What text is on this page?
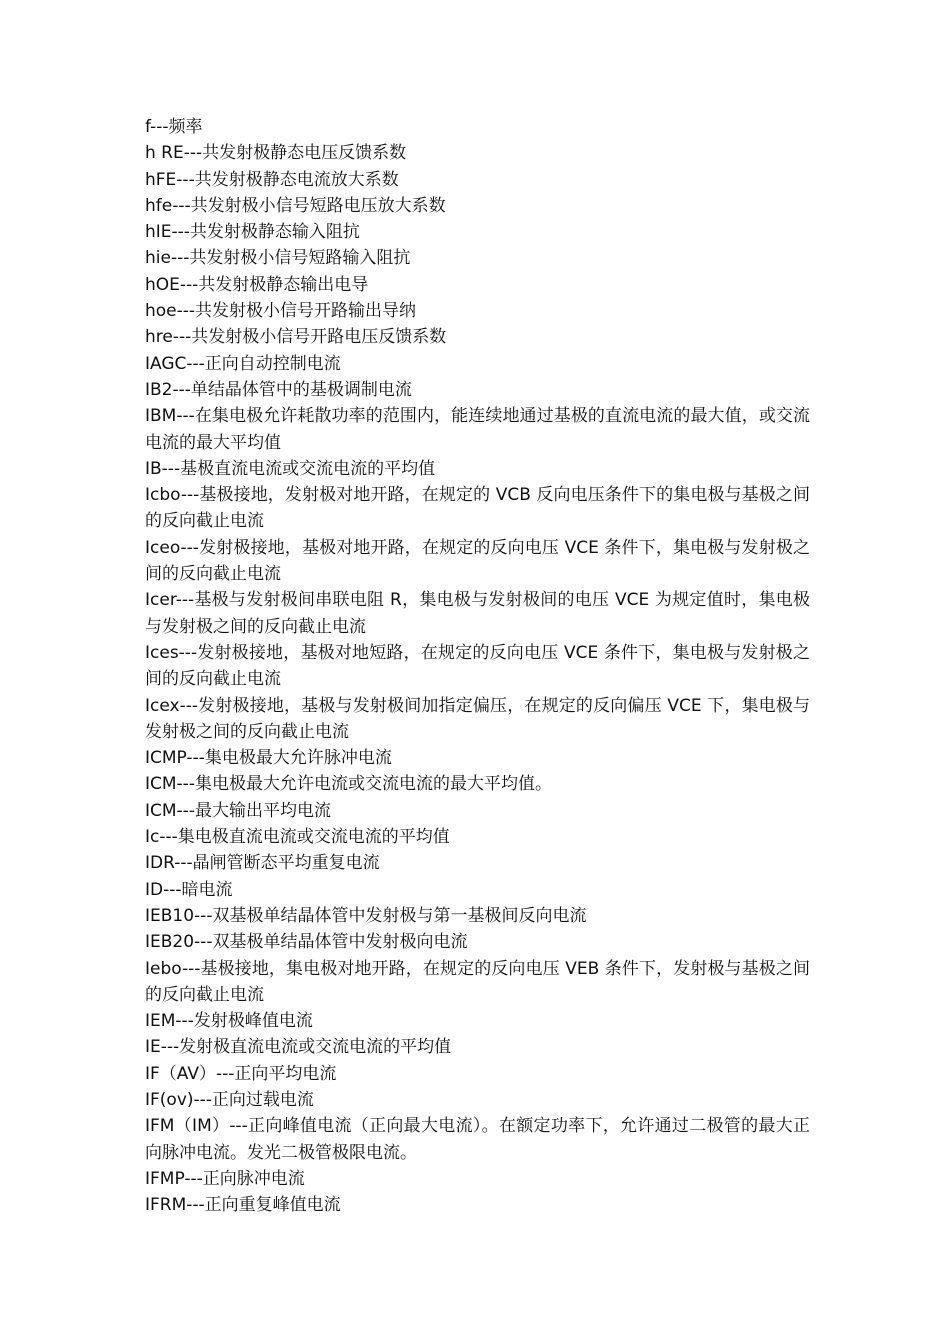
f---频率

h RE---共发射极静态电压反馈系数

hFE---共发射极静态电流放大系数

hfe---共发射极小信号短路电压放大系数

hIE---共发射极静态输入阻抗

hie---共发射极小信号短路输入阻抗

hOE---共发射极静态输出电导

hoe---共发射极小信号开路输出导纳

hre---共发射极小信号开路电压反馈系数

IAGC---正向自动控制电流

IB2---单结晶体管中的基极调制电流

IBM---在集电极允许耗散功率的范围内，能连续地通过基极的直流电流的最大值，或交流电流的最大平均值

IB---基极直流电流或交流电流的平均值

Icbo---基极接地，发射极对地开路，在规定的 VCB 反向电压条件下的集电极与基极之间的反向截止电流

Iceo---发射极接地，基极对地开路，在规定的反向电压 VCE 条件下，集电极与发射极之间的反向截止电流

Icer---基极与发射极间串联电阻 R，集电极与发射极间的电压 VCE 为规定值时，集电极与发射极之间的反向截止电流

Ices---发射极接地，基极对地短路，在规定的反向电压 VCE 条件下，集电极与发射极之间的反向截止电流

Icex---发射极接地，基极与发射极间加指定偏压，在规定的反向偏压 VCE 下，集电极与发射极之间的反向截止电流

ICMP---集电极最大允许脉冲电流

ICM---集电极最大允许电流或交流电流的最大平均值。

ICM---最大输出平均电流

Ic---集电极直流电流或交流电流的平均值

IDR---晶闸管断态平均重复电流

ID---暗电流

IEB10---双基极单结晶体管中发射极与第一基极间反向电流

IEB20---双基极单结晶体管中发射极向电流

Iebo---基极接地，集电极对地开路，在规定的反向电压 VEB 条件下，发射极与基极之间的反向截止电流

IEM---发射极峰值电流

IE---发射极直流电流或交流电流的平均值

IF（AV）---正向平均电流

IF(ov)---正向过载电流

IFM（IM）---正向峰值电流（正向最大电流）。在额定功率下，允许通过二极管的最大正向脉冲电流。发光二极管极限电流。

IFMP---正向脉冲电流

IFRM---正向重复峰值电流
